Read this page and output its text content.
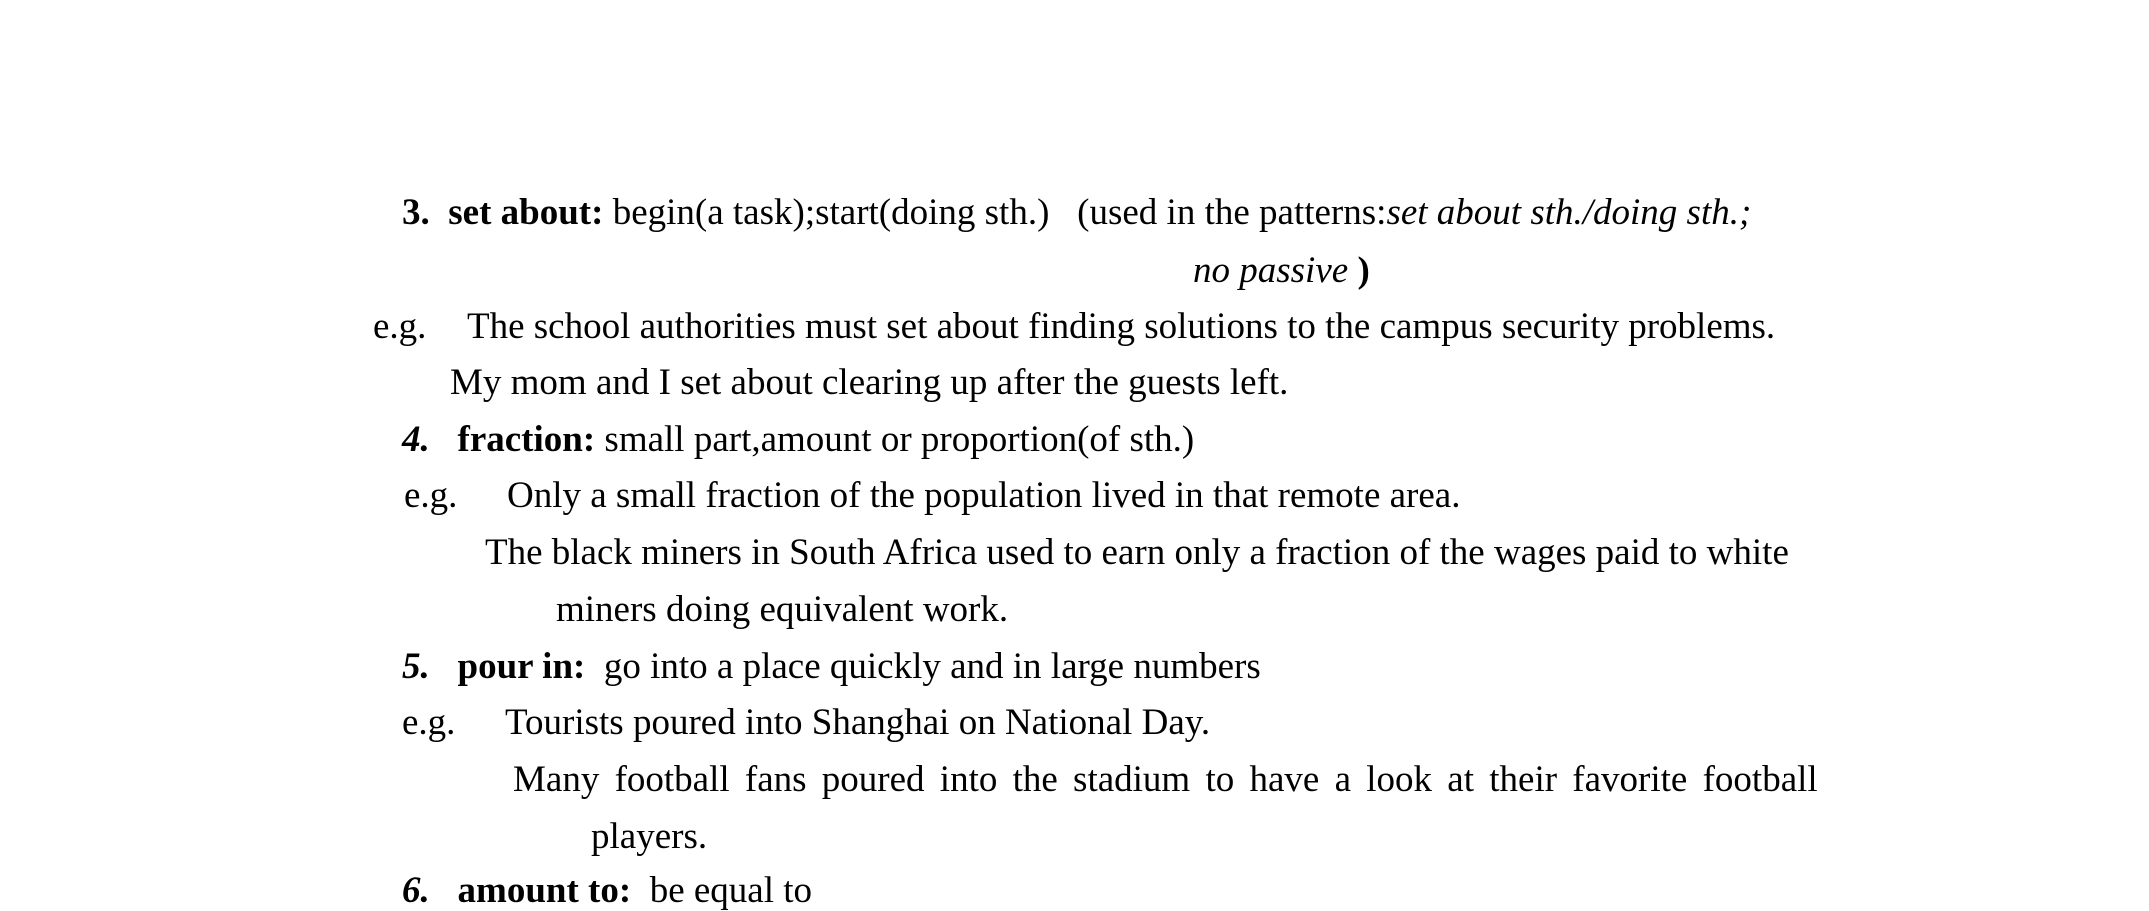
3. set about: begin(a task);start(doing sth.) (used in the patterns:set about sth./doing sth.;
no passive )
e.g. The school authorities must set about finding solutions to the campus security problems.
My mom and I set about clearing up after the guests left.
4. fraction: small part,amount or proportion(of sth.)
e.g. Only a small fraction of the population lived in that remote area.
The black miners in South Africa used to earn only a fraction of the wages paid to white
miners doing equivalent work.
5. pour in: go into a place quickly and in large numbers
e.g. Tourists poured into Shanghai on National Day.
Many football fans poured into the stadium to have a look at their favorite football
players.
6. amount to: be equal to
